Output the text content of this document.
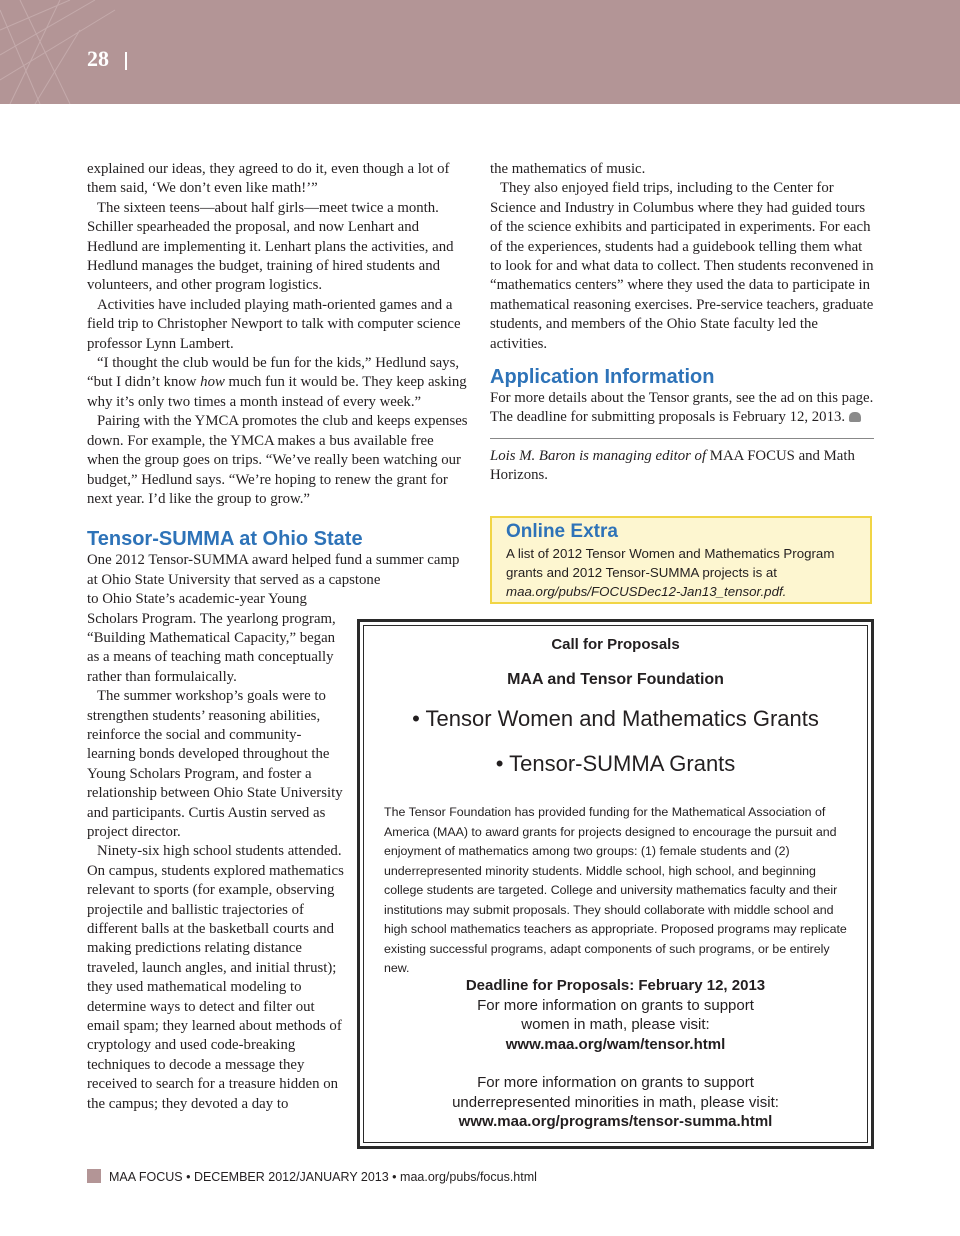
28

explained our ideas, they agreed to do it, even though a lot of them said, ‘We don’t even like math!’”

The sixteen teens—about half girls—meet twice a month. Schiller spearheaded the proposal, and now Lenhart and Hedlund are implementing it. Lenhart plans the activities, and Hedlund manages the budget, training of hired students and volunteers, and other program logistics.

Activities have included playing math-oriented games and a field trip to Christopher Newport to talk with computer science professor Lynn Lambert.

“I thought the club would be fun for the kids,” Hedlund says, “but I didn’t know how much fun it would be. They keep asking why it’s only two times a month instead of every week.”

Pairing with the YMCA promotes the club and keeps expenses down. For example, the YMCA makes a bus available free when the group goes on trips. “We’ve really been watching our budget,” Hedlund says. “We’re hoping to renew the grant for next year. I’d like the group to grow.”

Tensor-SUMMA at Ohio State

One 2012 Tensor-SUMMA award helped fund a summer camp at Ohio State University that served as a capstone

to Ohio State’s academic-year Young Scholars Program. The yearlong program, “Building Mathematical Capacity,” began as a means of teaching math conceptually rather than formulaically.

The summer workshop’s goals were to strengthen students’ reasoning abilities, reinforce the social and community-learning bonds developed throughout the Young Scholars Program, and foster a relationship between Ohio State University and participants. Curtis Austin served as project director.

Ninety-six high school students attended. On campus, students explored mathematics relevant to sports (for example, observing projectile and ballistic trajectories of different balls at the basketball courts and making predictions relating distance traveled, launch angles, and initial thrust); they used mathematical modeling to determine ways to detect and filter out email spam; they learned about methods of cryptology and used code-breaking techniques to decode a message they received to search for a treasure hidden on the campus; they devoted a day to

the mathematics of music.

They also enjoyed field trips, including to the Center for Science and Industry in Columbus where they had guided tours of the science exhibits and participated in experiments. For each of the experiences, students had a guidebook telling them what to look for and what data to collect. Then students reconvened in “mathematics centers” where they used the data to participate in mathematical reasoning exercises. Pre-service teachers, graduate students, and members of the Ohio State faculty led the activities.

Application Information

For more details about the Tensor grants, see the ad on this page. The deadline for submitting proposals is February 12, 2013.

Lois M. Baron is managing editor of MAA FOCUS and Math Horizons.

Online Extra
A list of 2012 Tensor Women and Mathematics Program grants and 2012 Tensor-SUMMA projects is at maa.org/pubs/FOCUSDec12-Jan13_tensor.pdf.
Call for Proposals
MAA and Tensor Foundation
• Tensor Women and Mathematics Grants
• Tensor-SUMMA Grants
The Tensor Foundation has provided funding for the Mathematical Association of America (MAA) to award grants for projects designed to encourage the pursuit and enjoyment of mathematics among two groups: (1) female students and (2) underrepresented minority students. Middle school, high school, and beginning college students are targeted. College and university mathematics faculty and their institutions may submit proposals. They should collaborate with middle school and high school mathematics teachers as appropriate. Proposed programs may replicate existing successful programs, adapt components of such programs, or be entirely new.
Deadline for Proposals: February 12, 2013
For more information on grants to support women in math, please visit:
www.maa.org/wam/tensor.html
For more information on grants to support underrepresented minorities in math, please visit:
www.maa.org/programs/tensor-summa.html
MAA FOCUS • DECEMBER 2012/JANUARY 2013 • maa.org/pubs/focus.html
